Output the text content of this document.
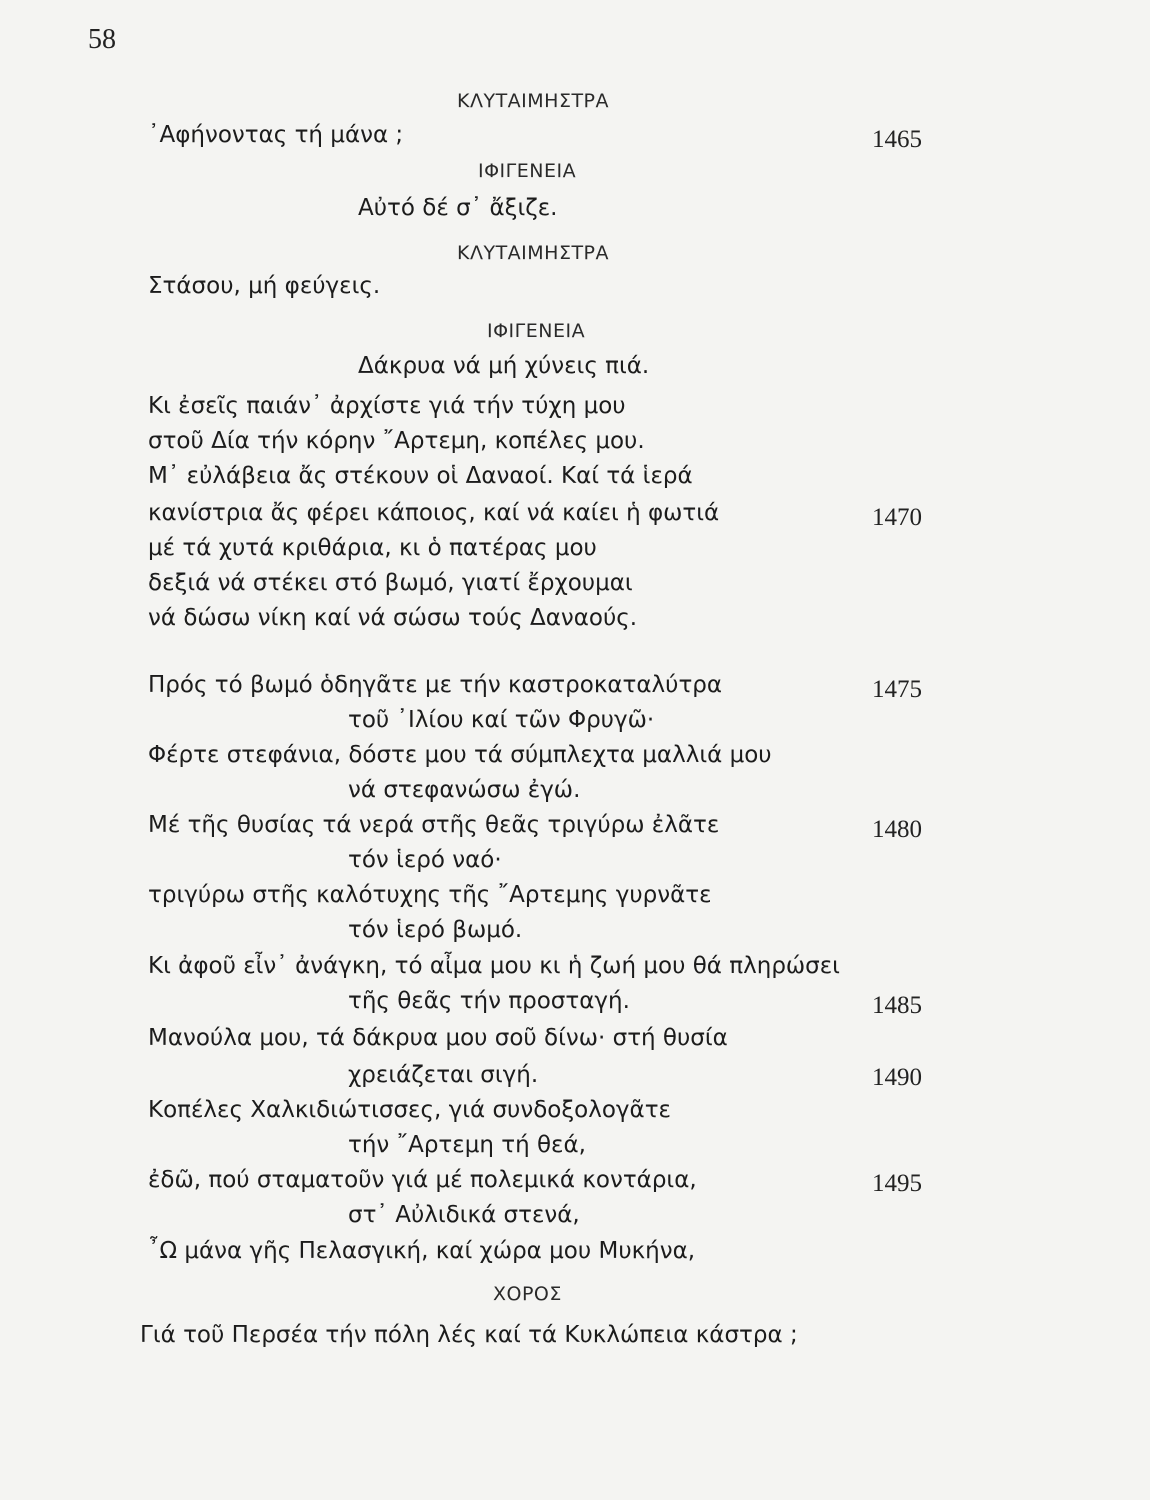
58
ΚΛΥΤΑΙΜΗΣΤΡΑ
᾿Αφήνοντας τή μάνα ;	1465
ΙΦΙΓΕΝΕΙΑ
Αὐτό δέ σ᾿ ἄξιζε.
ΚΛΥΤΑΙΜΗΣΤΡΑ
Στάσου, μή φεύγεις.
ΙΦΙΓΕΝΕΙΑ
Δάκρυα νά μή χύνεις πιά.
Κι ἐσεῖς παιάν᾿ ἀρχίστε γιά τήν τύχη μου
στοῦ Δία τήν κόρην ῎Αρτεμη, κοπέλες μου.
Μ᾿ εὐλάβεια ἄς στέκουν οἱ Δαναοί. Καί τά ἱερά
κανίστρια ἄς φέρει κάποιος, καί νά καίει ἡ φωτιά	1470
μέ τά χυτά κριθάρια, κι ὁ πατέρας μου
δεξιά νά στέκει στό βωμό, γιατί ἔρχουμαι
νά δώσω νίκη καί νά σώσω τούς Δαναούς.
Πρός τό βωμό ὁδηγᾶτε με τήν καστροκαταλύτρα	1475
τοῦ ᾿Ιλίου καί τῶν Φρυγῶ·
Φέρτε στεφάνια, δόστε μου τά σύμπλεχτα μαλλιά μου
νά στεφανώσω ἐγώ.
Μέ τῆς θυσίας τά νερά στῆς θεᾶς τριγύρω ἐλᾶτε	1480
τόν ἱερό ναό·
τριγύρω στῆς καλότυχης τῆς ῎Αρτεμης γυρνᾶτε
τόν ἱερό βωμό.
Κι ἀφοῦ εἶν᾿ ἀνάγκη, τό αἶμα μου κι ἡ ζωή μου θά πληρώσει
τῆς θεᾶς τήν προσταγή.	1485
Μανούλα μου, τά δάκρυα μου σοῦ δίνω· στή θυσία
χρειάζεται σιγή.	1490
Κοπέλες Χαλκιδιώτισσες, γιά συνδοξολογᾶτε
τήν ῎Αρτεμη τή θεά,
ἐδῶ, πού σταματοῦν γιά μέ πολεμικά κοντάρια,	1495
στ᾿ Αὐλιδικά στενά,
῏Ω μάνα γῆς Πελασγική, καί χώρα μου Μυκήνα,
ΧΟΡΟΣ
Γιά τοῦ Περσέα τήν πόλη λές καί τά Κυκλώπεια κάστρα ;
